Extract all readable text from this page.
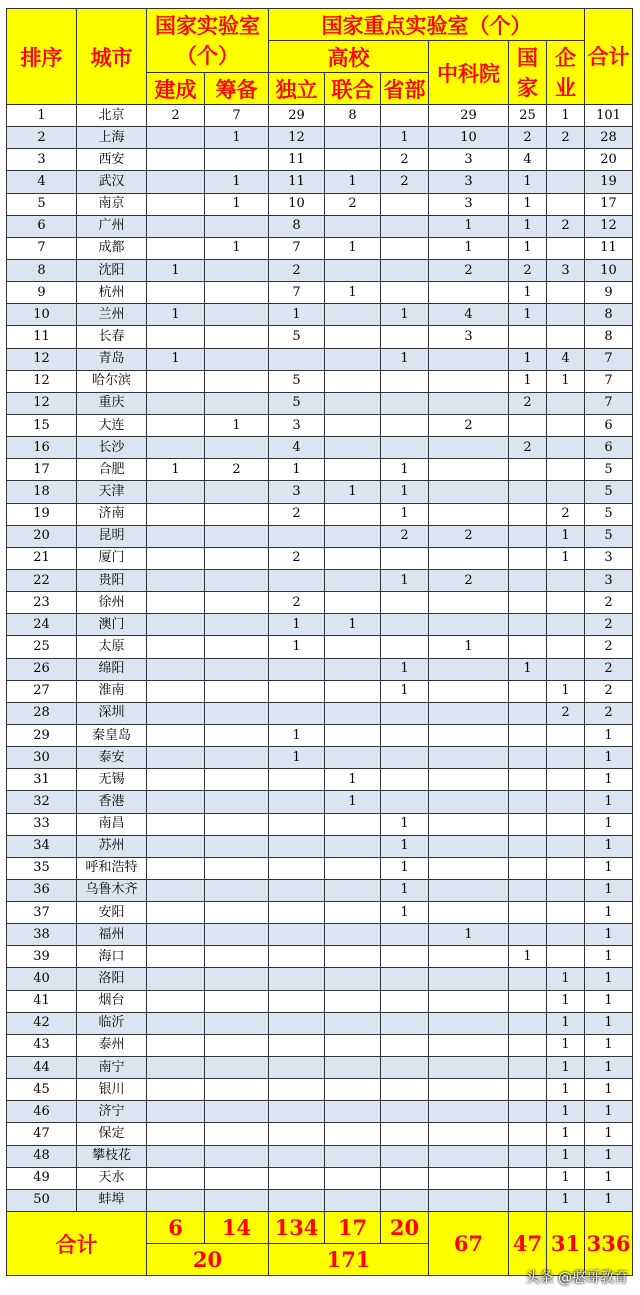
排序	城市	国家实验室（个）		国家重点实验室（个）						合计
				高校			中科院	国家	企业	
		建成	筹备	独立	联合	省部				
1	北京	2	7	29	8		29	25	1	101
2	上海		1	12		1	10	2	2	28
3	西安			11		2	3	4		20
4	武汉		1	11	1	2	3	1		19
5	南京		1	10	2		3	1		17
6	广州			8			1	1	2	12
7	成都		1	7	1		1	1		11
8	沈阳	1		2			2	2	3	10
9	杭州			7	1			1		9
10	兰州	1		1		1	4	1		8
11	长春			5			3			8
12	青岛	1				1		1	4	7
12	哈尔滨			5				1	1	7
12	重庆			5				2		7
15	大连		1	3			2			6
16	长沙			4				2		6
17	合肥	1	2	1		1				5
18	天津			3	1	1				5
19	济南			2		1			2	5
20	昆明					2	2		1	5
21	厦门			2					1	3
22	贵阳					1	2			3
23	徐州			2						2
24	澳门			1	1					2
25	太原			1			1			2
26	绵阳					1		1		2
27	淮南					1			1	2
28	深圳								2	2
29	秦皇岛			1						1
30	泰安			1						1
31	无锡				1					1
32	香港				1					1
33	南昌					1				1
34	苏州					1				1
35	呼和浩特					1				1
36	乌鲁木齐					1				1
37	安阳					1				1
38	福州						1			1
39	海口							1		1
40	洛阳								1	1
41	烟台								1	1
42	临沂								1	1
43	泰州								1	1
44	南宁								1	1
45	银川								1	1
46	济宁								1	1
47	保定								1	1
48	攀枝花								1	1
49	天水								1	1
50	蚌埠								1	1
合计		6	14	134	17	20	67	47	31	336
		20		171						
头条 @憨哥教育
